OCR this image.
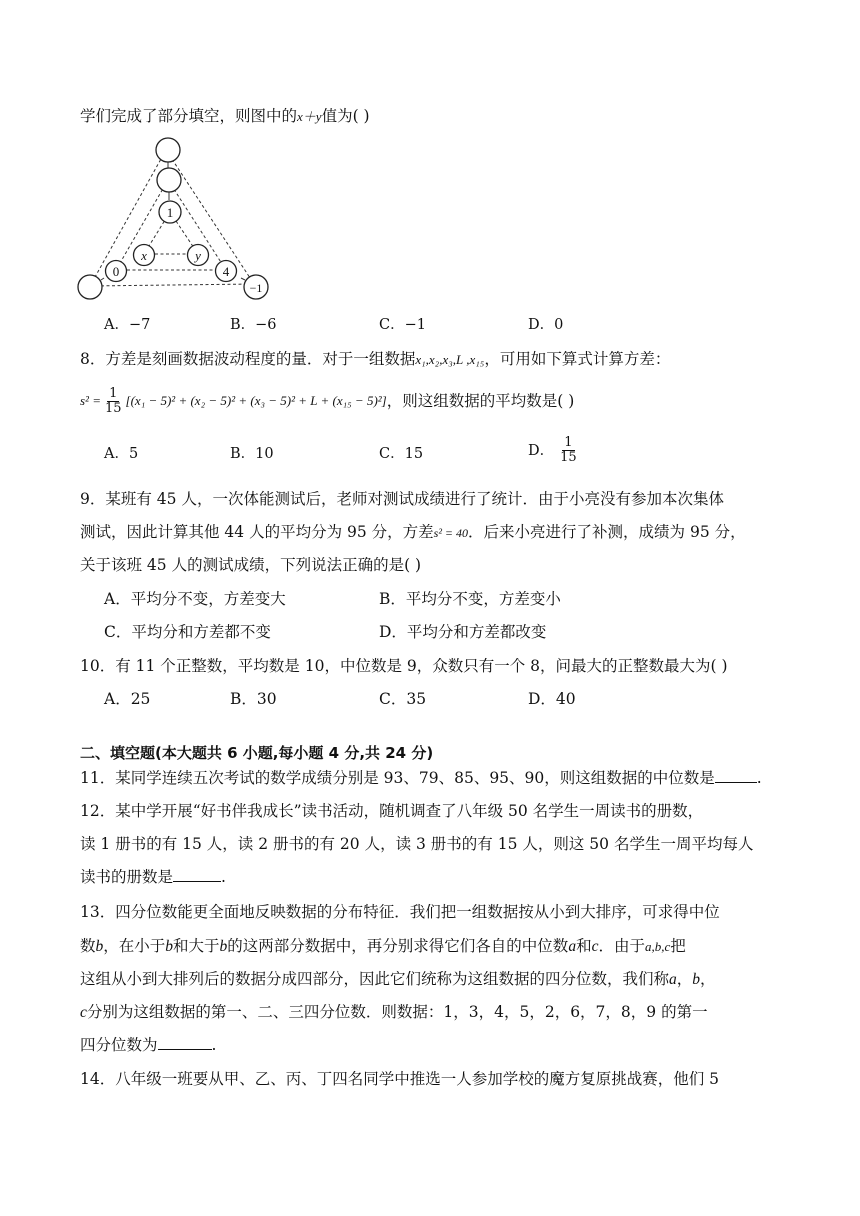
学们完成了部分填空，则图中的x＋y值为( )
1
x	y
0	4
−1
A．−7	B．−6	C．−1	D．0
8．方差是刻画数据波动程度的量．对于一组数据x₁,x₂,x₃,L ,x₁₅，可用如下算式计算方差：
$s^2 = \frac{1}{15} [(x_1 - 5)^2 + (x_2 - 5)^2 + (x_3 - 5)^2 + L + (x_{15} - 5)^2]$ ，则这组数据的平均数是( )
A．5	B．10	C．15	D． $\frac{1}{15}$
9．某班有 45 人，一次体能测试后，老师对测试成绩进行了统计．由于小亮没有参加本次集体
测试，因此计算其他 44 人的平均分为 95 分，方差s² = 40．后来小亮进行了补测，成绩为 95 分，
关于该班 45 人的测试成绩，下列说法正确的是( )
A．平均分不变，方差变大	B．平均分不变，方差变小
C．平均分和方差都不变	D．平均分和方差都改变
10．有 11 个正整数，平均数是 10，中位数是 9，众数只有一个 8，问最大的正整数最大为( )
A．25	B．30	C．35	D．40
二、填空题(本大题共 6 小题,每小题 4 分,共 24 分)
11．某同学连续五次考试的数学成绩分别是 93、79、85、95、90，则这组数据的中位数是	.
12．某中学开展“好书伴我成长”读书活动，随机调查了八年级 50 名学生一周读书的册数，
读 1 册书的有 15 人，读 2 册书的有 20 人，读 3 册书的有 15 人，则这 50 名学生一周平均每人
读书的册数是	.
13．四分位数能更全面地反映数据的分布特征．我们把一组数据按从小到大排序，可求得中位
数b，在小于b和大于b的这两部分数据中，再分别求得它们各自的中位数a和c．由于a,b,c把
这组从小到大排列后的数据分成四部分，因此它们统称为这组数据的四分位数，我们称a，b，
c分别为这组数据的第一、二、三四分位数．则数据：1，3，4，5，2，6，7，8，9 的第一
四分位数为	.
14．八年级一班要从甲、乙、丙、丁四名同学中推选一人参加学校的魔方复原挑战赛，他们 5
